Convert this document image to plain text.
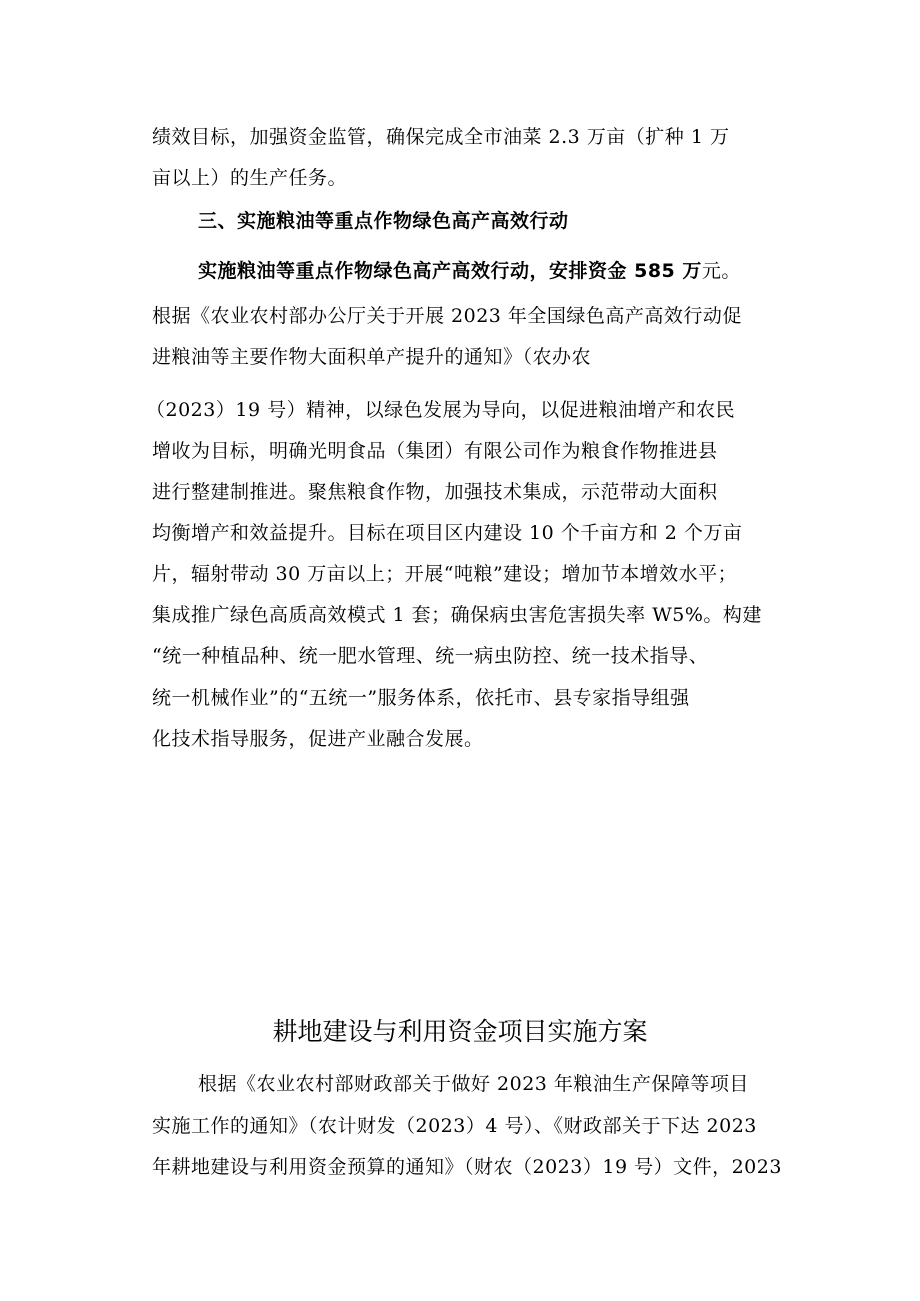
绩效目标，加强资金监管，确保完成全市油菜 2.3 万亩（扩种 1 万
亩以上）的生产任务。
三、实施粮油等重点作物绿色高产高效行动
实施粮油等重点作物绿色高产高效行动，安排资金 585 万元。
根据《农业农村部办公厅关于开展 2023 年全国绿色高产高效行动促
进粮油等主要作物大面积单产提升的通知》（农办农
（2023）19 号）精神，以绿色发展为导向，以促进粮油增产和农民
增收为目标，明确光明食品（集团）有限公司作为粮食作物推进县
进行整建制推进。聚焦粮食作物，加强技术集成，示范带动大面积
均衡增产和效益提升。目标在项目区内建设 10 个千亩方和 2 个万亩
片，辐射带动 30 万亩以上；开展“吨粮”建设；增加节本增效水平；
集成推广绿色高质高效模式 1 套；确保病虫害危害损失率 W5%。构建
“统一种植品种、统一肥水管理、统一病虫防控、统一技术指导、
统一机械作业”的“五统一”服务体系，依托市、县专家指导组强
化技术指导服务，促进产业融合发展。
耕地建设与利用资金项目实施方案
根据《农业农村部财政部关于做好 2023 年粮油生产保障等项目
实施工作的通知》（农计财发（2023）4 号）、《财政部关于下达 2023
年耕地建设与利用资金预算的通知》（财农（2023）19 号）文件，2023
